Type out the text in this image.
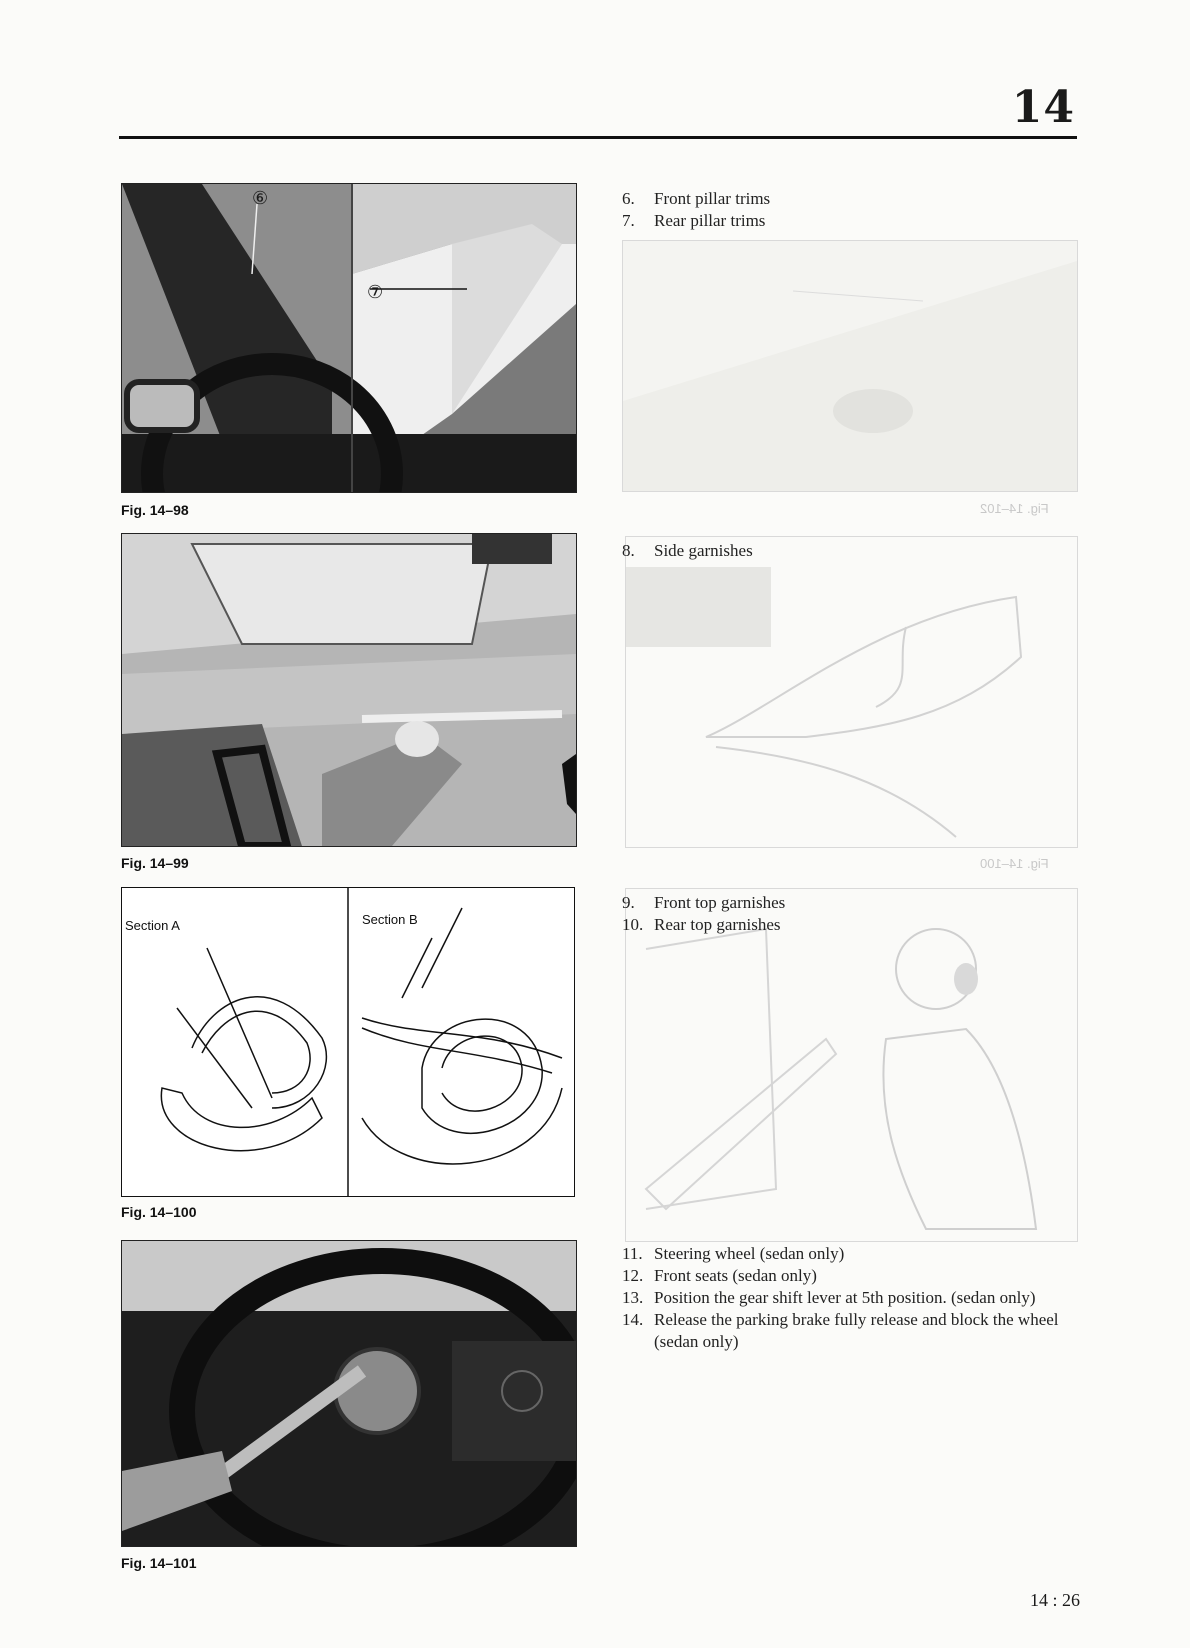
14
⑥
⑦
Fig. 14–98
6.	Front pillar trims
7.	Rear pillar trims
Fig. 14–102
Fig. 14–99
8.	Side garnishes
Fig. 14–100
Section A	Section B
Fig. 14–100
9.	Front top garnishes
10. Rear top garnishes
Fig. 14–101
11. Steering wheel (sedan only)
12. Front seats (sedan only)
13. Position the gear shift lever at 5th position. (sedan only)
14. Release the parking brake fully release and block the wheel (sedan only)
14 : 26
